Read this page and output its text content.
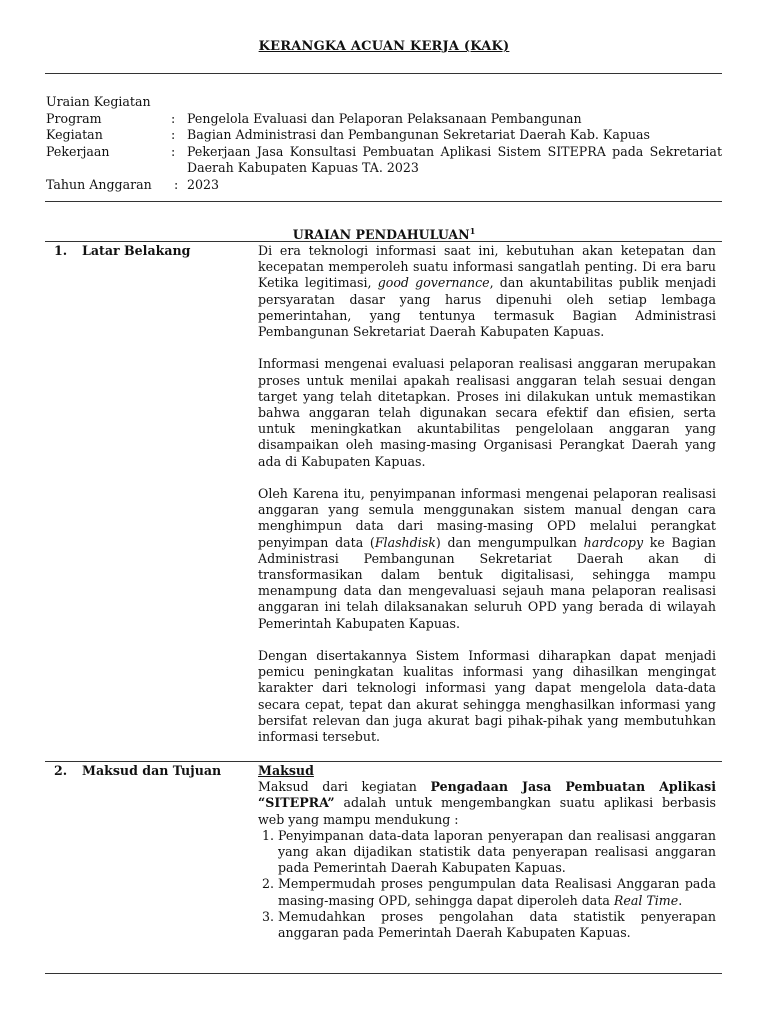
KERANGKA ACUAN KERJA (KAK)
Uraian Kegiatan
Program	: Pengelola Evaluasi dan Pelaporan Pelaksanaan Pembangunan
Kegiatan	: Bagian Administrasi dan Pembangunan Sekretariat Daerah Kab. Kapuas
Pekerjaan	: Pekerjaan Jasa Konsultasi Pembuatan Aplikasi Sistem SITEPRA pada Sekretariat Daerah Kabupaten Kapuas TA. 2023
Tahun Anggaran	: 2023
URAIAN PENDAHULUAN$^1$
1. Latar Belakang	Di era teknologi informasi saat ini, kebutuhan akan ketepatan dan kecepatan memperoleh suatu informasi sangatlah penting. Di era baru Ketika legitimasi, good governance, dan akuntabilitas publik menjadi persyaratan dasar yang harus dipenuhi oleh setiap lembaga pemerintahan, yang tentunya termasuk Bagian Administrasi Pembangunan Sekretariat Daerah Kabupaten Kapuas.

Informasi mengenai evaluasi pelaporan realisasi anggaran merupakan proses untuk menilai apakah realisasi anggaran telah sesuai dengan target yang telah ditetapkan. Proses ini dilakukan untuk memastikan bahwa anggaran telah digunakan secara efektif dan efisien, serta untuk meningkatkan akuntabilitas pengelolaan anggaran yang disampaikan oleh masing-masing Organisasi Perangkat Daerah yang ada di Kabupaten Kapuas.

Oleh Karena itu, penyimpanan informasi mengenai pelaporan realisasi anggaran yang semula menggunakan sistem manual dengan cara menghimpun data dari masing-masing OPD melalui perangkat penyimpan data (Flashdisk) dan mengumpulkan hardcopy ke Bagian Administrasi Pembangunan Sekretariat Daerah akan di transformasikan dalam bentuk digitalisasi, sehingga mampu menampung data dan mengevaluasi sejauh mana pelaporan realisasi anggaran ini telah dilaksanakan seluruh OPD yang berada di wilayah Pemerintah Kabupaten Kapuas.

Dengan disertakannya Sistem Informasi diharapkan dapat menjadi pemicu peningkatan kualitas informasi yang dihasilkan mengingat karakter dari teknologi informasi yang dapat mengelola data-data secara cepat, tepat dan akurat sehingga menghasilkan informasi yang bersifat relevan dan juga akurat bagi pihak-pihak yang membutuhkan informasi tersebut.

2. Maksud dan Tujuan	Maksud
Maksud dari kegiatan Pengadaan Jasa Pembuatan Aplikasi “SITEPRA” adalah untuk mengembangkan suatu aplikasi berbasis web yang mampu mendukung :
1. Penyimpanan data-data laporan penyerapan dan realisasi anggaran yang akan dijadikan statistik data penyerapan realisasi anggaran pada Pemerintah Daerah Kabupaten Kapuas.
2. Mempermudah proses pengumpulan data Realisasi Anggaran pada masing-masing OPD, sehingga dapat diperoleh data Real Time.
3. Memudahkan proses pengolahan data statistik penyerapan anggaran pada Pemerintah Daerah Kabupaten Kapuas.
